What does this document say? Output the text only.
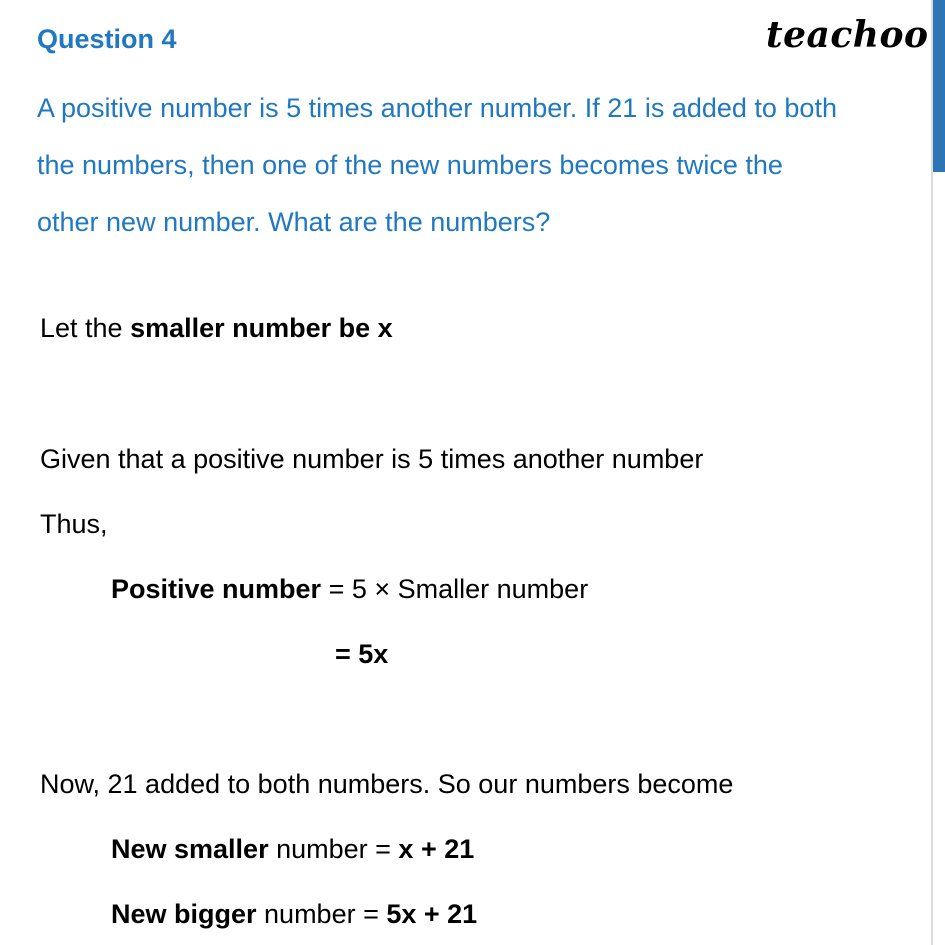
Question 4	teachoo
A positive number is 5 times another number. If 21 is added to both
the numbers, then one of the new numbers becomes twice the
other new number. What are the numbers?
Let the smaller number be x
Given that a positive number is 5 times another number
Thus,
Positive number = 5 × Smaller number
= 5x
Now, 21 added to both numbers. So our numbers become
New smaller number = x + 21
New bigger number = 5x + 21
